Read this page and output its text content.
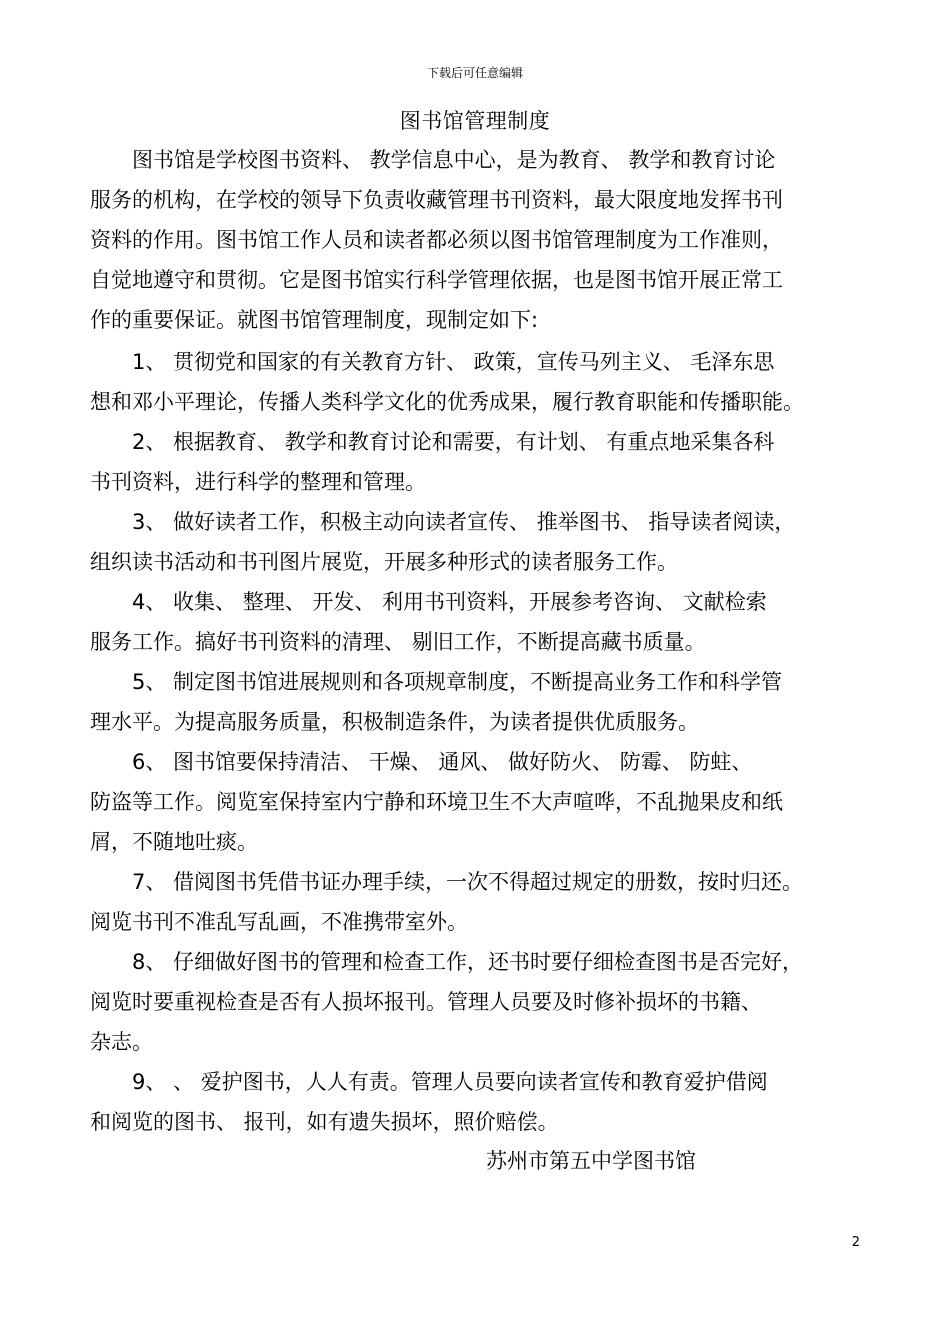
下载后可任意编辑
图书馆管理制度
　　图书馆是学校图书资料、 教学信息中心，是为教育、 教学和教育讨论
服务的机构，在学校的领导下负责收藏管理书刊资料，最大限度地发挥书刊
资料的作用。图书馆工作人员和读者都必须以图书馆管理制度为工作准则，
自觉地遵守和贯彻。它是图书馆实行科学管理依据，也是图书馆开展正常工
作的重要保证。就图书馆管理制度，现制定如下:
　　1、 贯彻党和国家的有关教育方针、 政策，宣传马列主义、 毛泽东思
想和邓小平理论，传播人类科学文化的优秀成果，履行教育职能和传播职能。
　　2、 根据教育、 教学和教育讨论和需要，有计划、 有重点地采集各科
书刊资料，进行科学的整理和管理。
　　3、 做好读者工作，积极主动向读者宣传、 推举图书、 指导读者阅读，
组织读书活动和书刊图片展览，开展多种形式的读者服务工作。
　　4、 收集、 整理、 开发、 利用书刊资料，开展参考咨询、 文献检索
服务工作。搞好书刊资料的清理、 剔旧工作，不断提高藏书质量。
　　5、 制定图书馆进展规则和各项规章制度，不断提高业务工作和科学管
理水平。为提高服务质量，积极制造条件，为读者提供优质服务。
　　6、 图书馆要保持清洁、 干燥、 通风、 做好防火、 防霉、 防蛀、
防盗等工作。阅览室保持室内宁静和环境卫生不大声喧哗，不乱抛果皮和纸
屑，不随地吐痰。
　　7、 借阅图书凭借书证办理手续，一次不得超过规定的册数，按时归还。
阅览书刊不准乱写乱画，不准携带室外。
　　8、 仔细做好图书的管理和检查工作，还书时要仔细检查图书是否完好，
阅览时要重视检查是否有人损坏报刊。管理人员要及时修补损坏的书籍、
杂志。
　　9、 、 爱护图书，人人有责。管理人员要向读者宣传和教育爱护借阅
和阅览的图书、 报刊，如有遗失损坏，照价赔偿。
苏州市第五中学图书馆
2
